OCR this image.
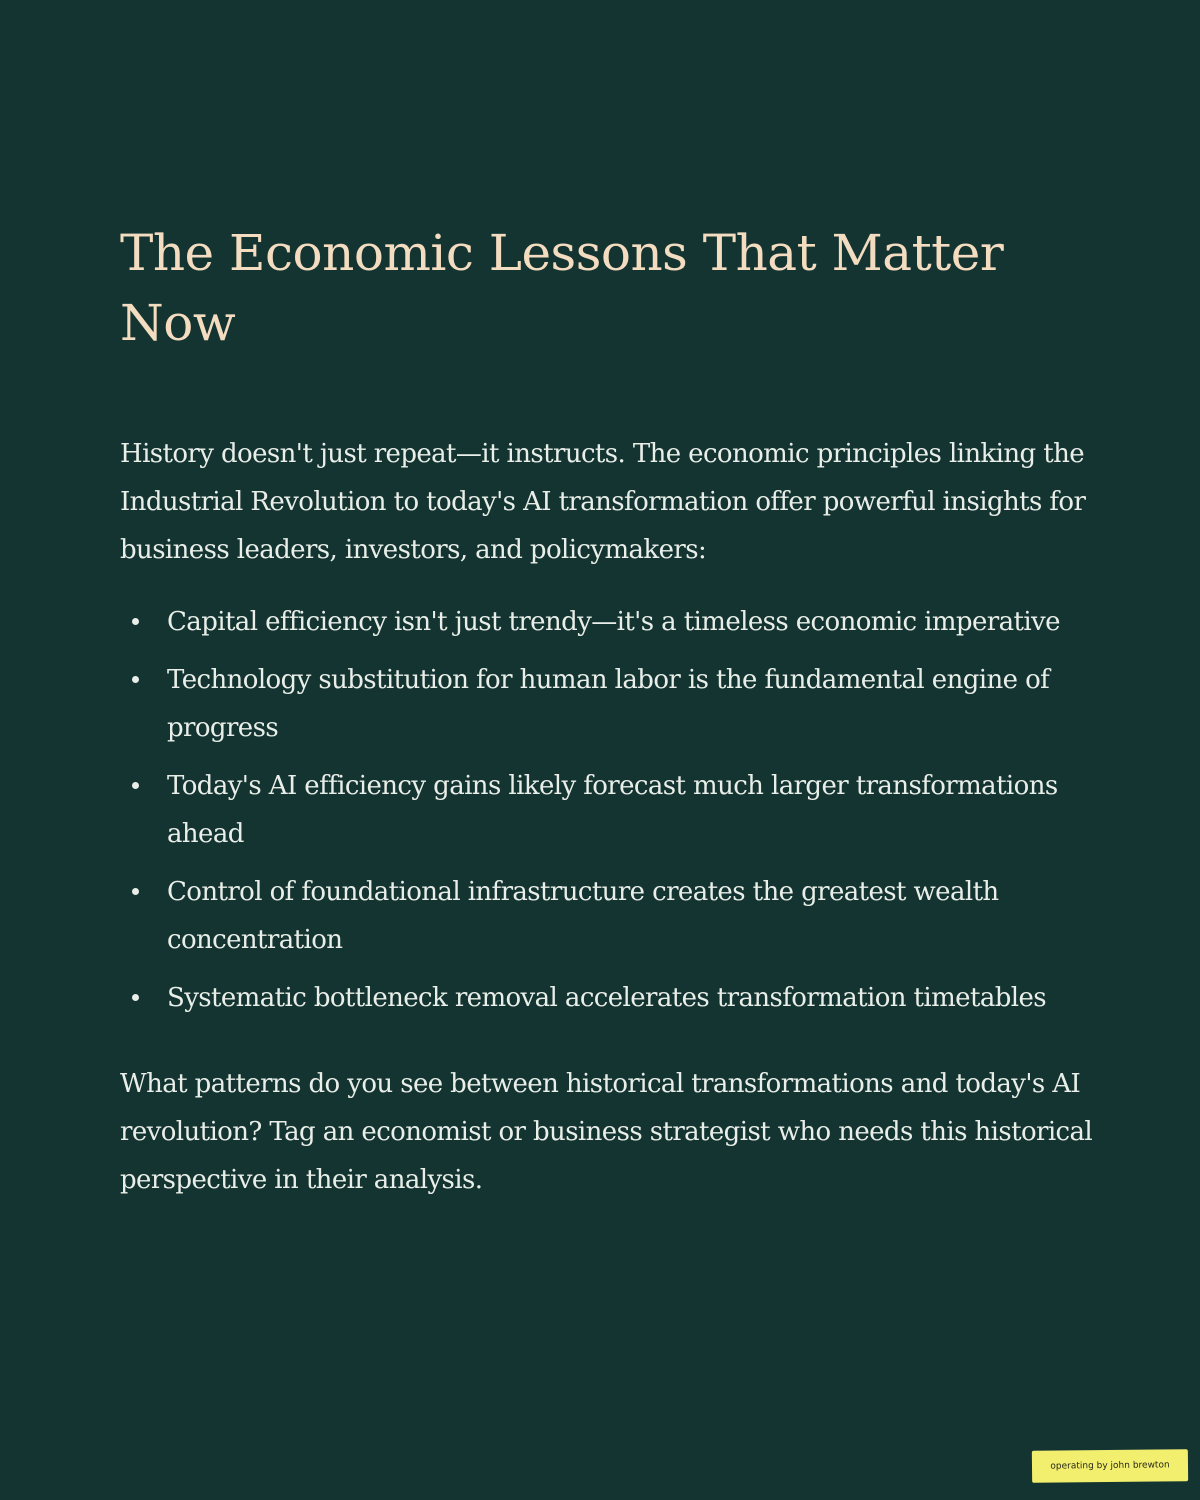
The Economic Lessons That Matter Now

History doesn't just repeat—it instructs. The economic principles linking the Industrial Revolution to today's AI transformation offer powerful insights for business leaders, investors, and policymakers:

Capital efficiency isn't just trendy—it's a timeless economic imperative
Technology substitution for human labor is the fundamental engine of progress
Today's AI efficiency gains likely forecast much larger transformations ahead
Control of foundational infrastructure creates the greatest wealth concentration
Systematic bottleneck removal accelerates transformation timetables

What patterns do you see between historical transformations and today's AI revolution? Tag an economist or business strategist who needs this historical perspective in their analysis.

operating by john brewton
